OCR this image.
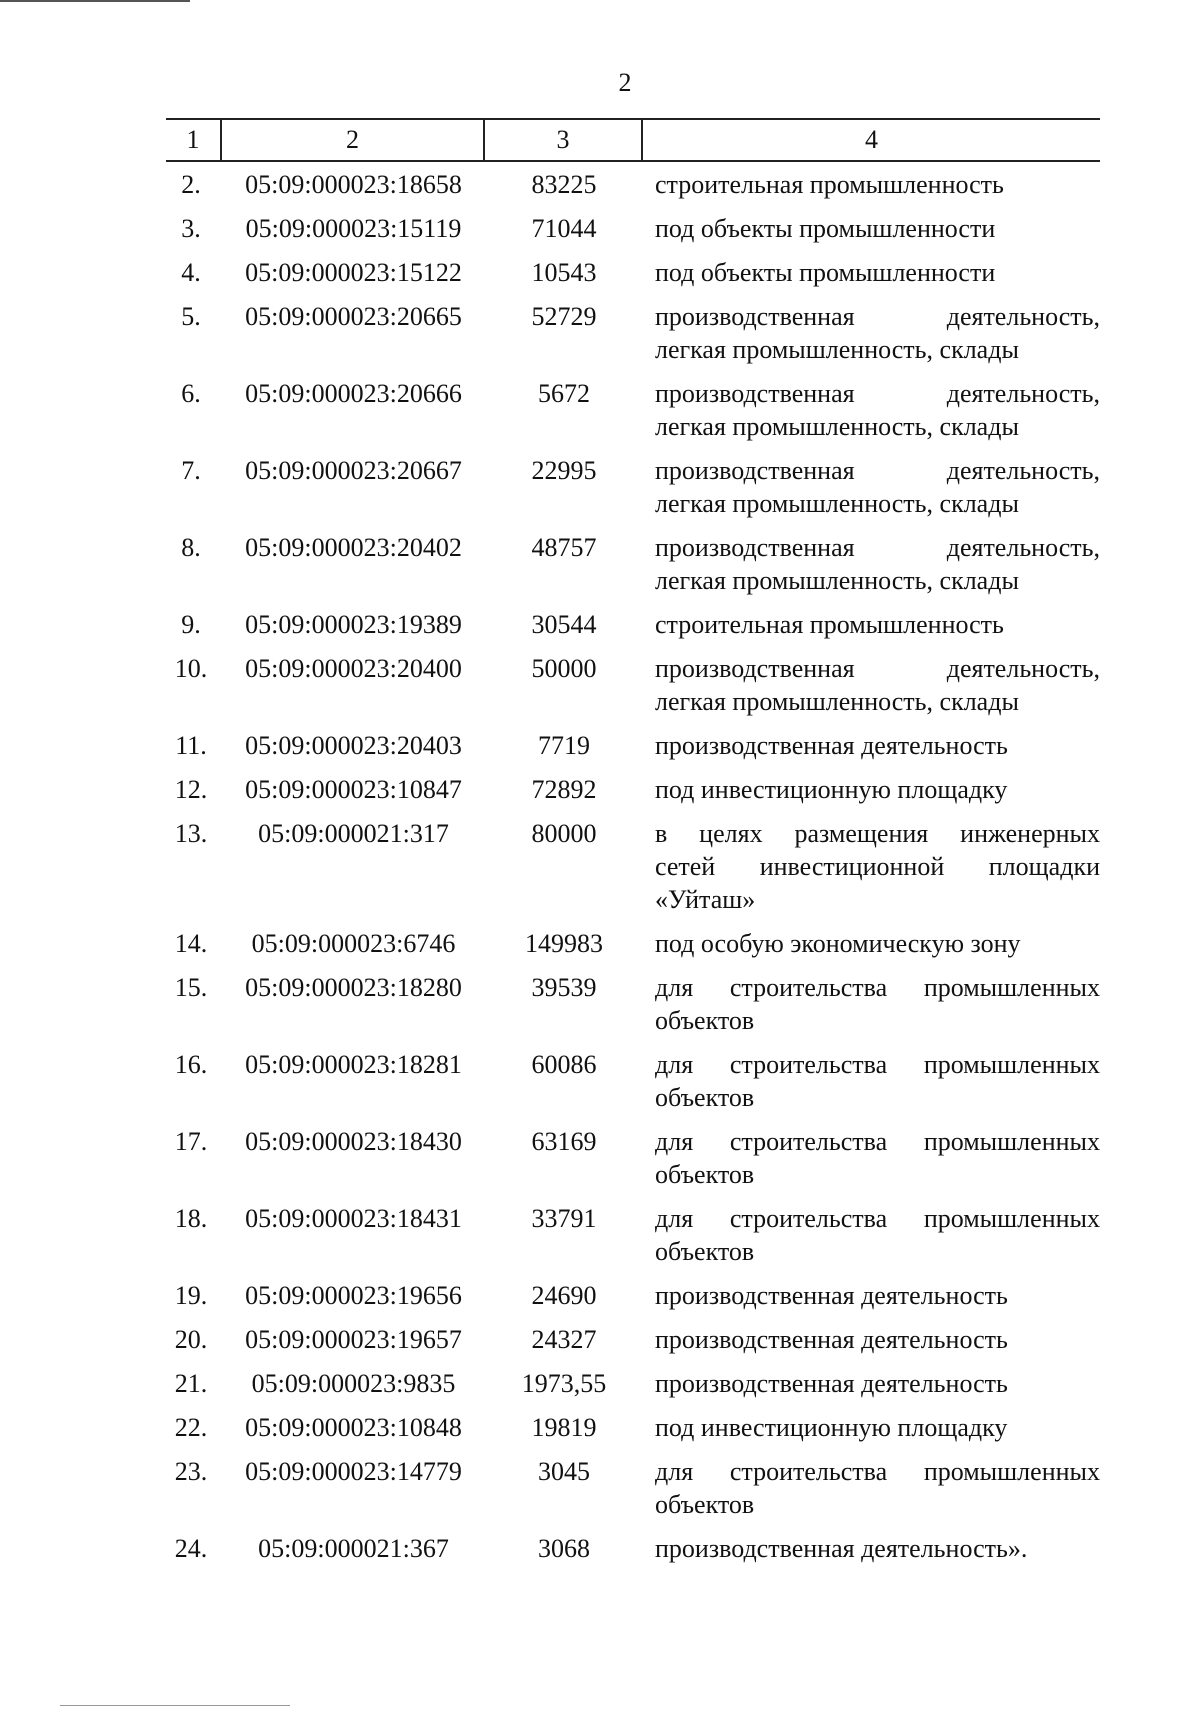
2
1	2	3	4
2.	05:09:000023:18658	83225	строительная промышленность
3.	05:09:000023:15119	71044	под объекты промышленности
4.	05:09:000023:15122	10543	под объекты промышленности
5.	05:09:000023:20665	52729	производственная деятельность,
легкая промышленность, склады
6.	05:09:000023:20666	5672	производственная деятельность,
легкая промышленность, склады
7.	05:09:000023:20667	22995	производственная деятельность,
легкая промышленность, склады
8.	05:09:000023:20402	48757	производственная деятельность,
легкая промышленность, склады
9.	05:09:000023:19389	30544	строительная промышленность
10.	05:09:000023:20400	50000	производственная деятельность,
легкая промышленность, склады
11.	05:09:000023:20403	7719	производственная деятельность
12.	05:09:000023:10847	72892	под инвестиционную площадку
13.	05:09:000021:317	80000	в целях размещения инженерных
сетей инвестиционной площадки
«Уйташ»
14.	05:09:000023:6746	149983	под особую экономическую зону
15.	05:09:000023:18280	39539	для строительства промышленных
объектов
16.	05:09:000023:18281	60086	для строительства промышленных
объектов
17.	05:09:000023:18430	63169	для строительства промышленных
объектов
18.	05:09:000023:18431	33791	для строительства промышленных
объектов
19.	05:09:000023:19656	24690	производственная деятельность
20.	05:09:000023:19657	24327	производственная деятельность
21.	05:09:000023:9835	1973,55	производственная деятельность
22.	05:09:000023:10848	19819	под инвестиционную площадку
23.	05:09:000023:14779	3045	для строительства промышленных
объектов
24.	05:09:000021:367	3068	производственная деятельность».
